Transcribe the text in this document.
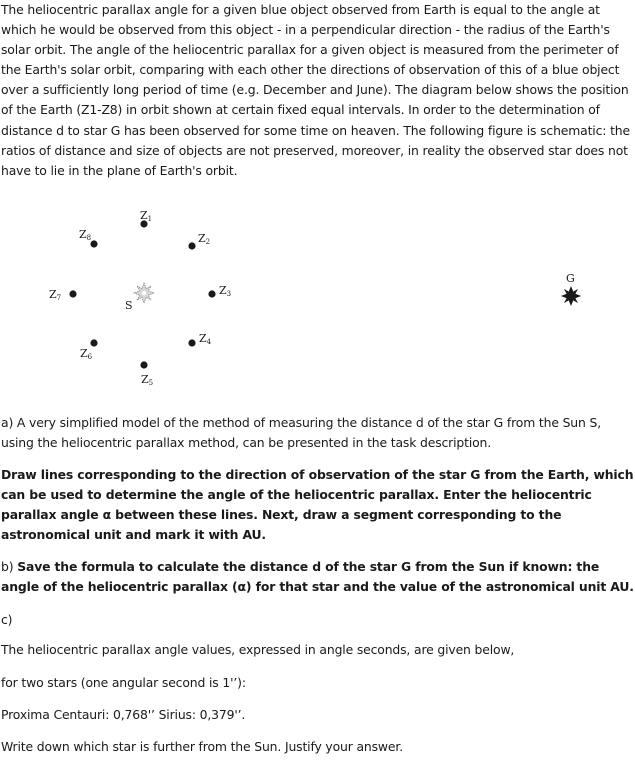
The heliocentric parallax angle for a given blue object observed from Earth is equal to the angle at which he would be observed from this object - in a perpendicular direction - the radius of the Earth's solar orbit. The angle of the heliocentric parallax for a given object is measured from the perimeter of the Earth's solar orbit, comparing with each other the directions of observation of this of a blue object over a sufficiently long period of time (e.g. December and June). The diagram below shows the position of the Earth (Z1-Z8) in orbit shown at certain fixed equal intervals. In order to the determination of distance d to star G has been observed for some time on heaven. The following figure is schematic: the ratios of distance and size of objects are not preserved, moreover, in reality the observed star does not have to lie in the plane of Earth's orbit.

Z1
Z2
Z3
Z4
Z5
Z6
Z7
Z8
S
G

a) A very simplified model of the method of measuring the distance d of the star G from the Sun S, using the heliocentric parallax method, can be presented in the task description.

Draw lines corresponding to the direction of observation of the star G from the Earth, which can be used to determine the angle of the heliocentric parallax. Enter the heliocentric parallax angle α between these lines. Next, draw a segment corresponding to the astronomical unit and mark it with AU.

b) Save the formula to calculate the distance d of the star G from the Sun if known: the angle of the heliocentric parallax (α) for that star and the value of the astronomical unit AU.

c)

The heliocentric parallax angle values, expressed in angle seconds, are given below,

for two stars (one angular second is 1'’):

Proxima Centauri: 0,768'’ Sirius: 0,379'’.

Write down which star is further from the Sun. Justify your answer.
